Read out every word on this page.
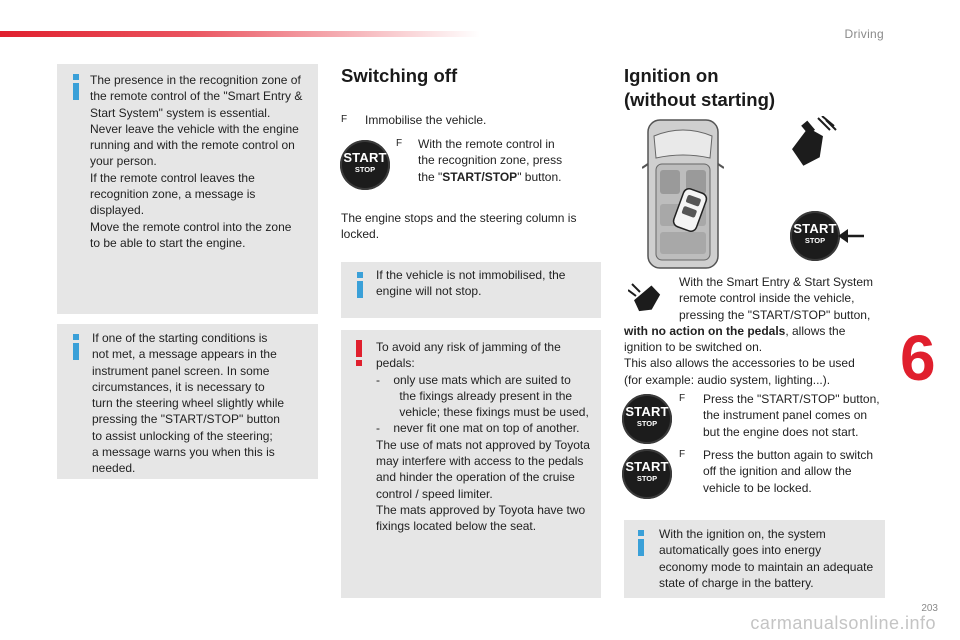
Driving
6
carmanualsonline.info
203
The presence in the recognition zone of
the remote control of the "Smart Entry &
Start System" system is essential.
Never leave the vehicle with the engine
running and with the remote control on
your person.
If the remote control leaves the
recognition zone, a message is
displayed.
Move the remote control into the zone
to be able to start the engine.
If one of the starting conditions is
not met, a message appears in the
instrument panel screen. In some
circumstances, it is necessary to
turn the steering wheel slightly while
pressing the "START/STOP" button
to assist unlocking of the steering;
a message warns you when this is
needed.
Switching off
F Immobilise the vehicle.
START
STOP
F With the remote control in
the recognition zone, press
the "START/STOP" button.
The engine stops and the steering column is
locked.
If the vehicle is not immobilised, the
engine will not stop.
To avoid any risk of jamming of the
pedals:
-    only use mats which are suited to
the fixings already present in the
vehicle; these fixings must be used,
-    never fit one mat on top of another.
The use of mats not approved by Toyota
may interfere with access to the pedals
and hinder the operation of the cruise
control / speed limiter.
The mats approved by Toyota have two
fixings located below the seat.
Ignition on
(without starting)
START
STOP
With the Smart Entry & Start System
remote control inside the vehicle,
pressing the "START/STOP" button,
with no action on the pedals, allows the
ignition to be switched on.
This also allows the accessories to be used
(for example: audio system, lighting...).
START
STOP
F Press the "START/STOP" button,
the instrument panel comes on
but the engine does not start.
START
STOP
F Press the button again to switch
off the ignition and allow the
vehicle to be locked.
With the ignition on, the system
automatically goes into energy
economy mode to maintain an adequate
state of charge in the battery.
